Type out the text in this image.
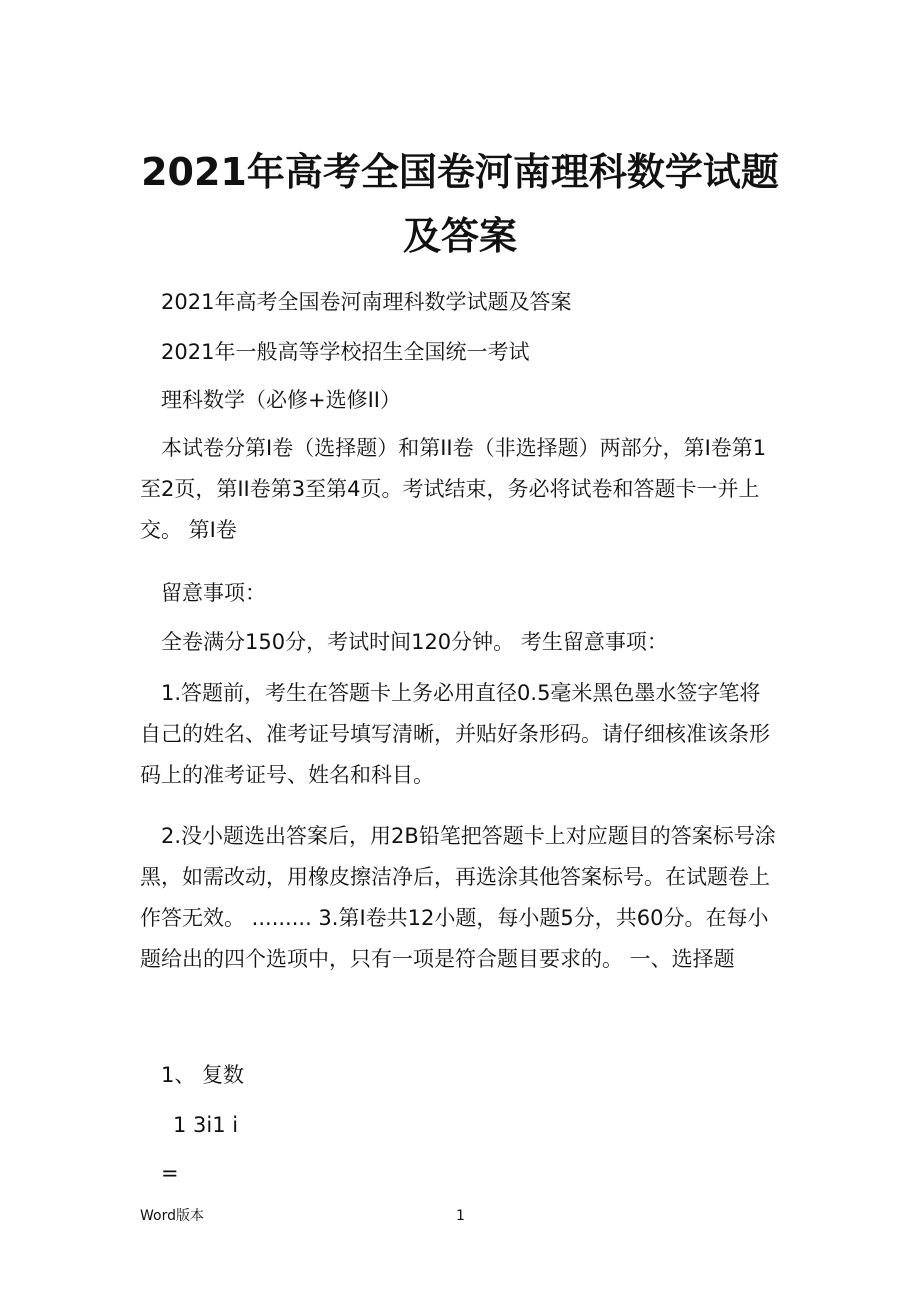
2021年高考全国卷河南理科数学试题及答案

2021年高考全国卷河南理科数学试题及答案

2021年一般高等学校招生全国统一考试

理科数学（必修+选修II）

本试卷分第I卷（选择题）和第II卷（非选择题）两部分，第I卷第1至2页，第II卷第3至第4页。考试结束，务必将试卷和答题卡一并上交。 第I卷

留意事项：

全卷满分150分，考试时间120分钟。 考生留意事项：

1.答题前，考生在答题卡上务必用直径0.5毫米黑色墨水签字笔将自己的姓名、准考证号填写清晰，并贴好条形码。请仔细核准该条形码上的准考证号、姓名和科目。

2.没小题选出答案后，用2B铅笔把答题卡上对应题目的答案标号涂黑，如需改动，用橡皮擦洁净后，再选涂其他答案标号。在试题卷上作答无效。 ......... 3.第I卷共12小题，每小题5分，共60分。在每小题给出的四个选项中，只有一项是符合题目要求的。 一、选择题

1、 复数

1 3i1 i

=

Word版本	1
